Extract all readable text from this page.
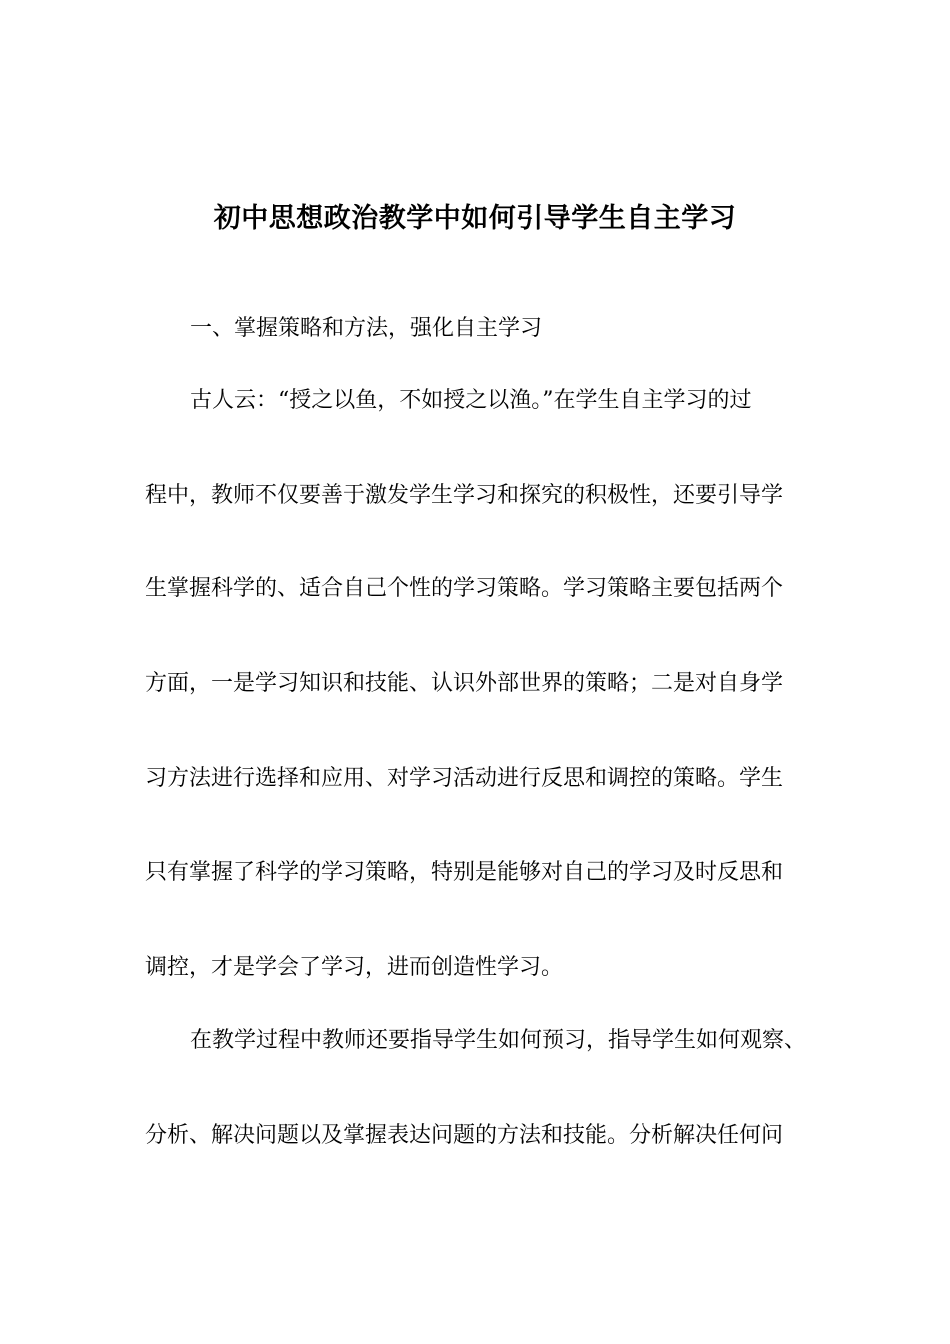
初中思想政治教学中如何引导学生自主学习
一、掌握策略和方法，强化自主学习
古人云：“授之以鱼，不如授之以渔。”在学生自主学习的过
程中，教师不仅要善于激发学生学习和探究的积极性，还要引导学
生掌握科学的、适合自己个性的学习策略。学习策略主要包括两个
方面，一是学习知识和技能、认识外部世界的策略；二是对自身学
习方法进行选择和应用、对学习活动进行反思和调控的策略。学生
只有掌握了科学的学习策略，特别是能够对自己的学习及时反思和
调控，才是学会了学习，进而创造性学习。
在教学过程中教师还要指导学生如何预习，指导学生如何观察、
分析、解决问题以及掌握表达问题的方法和技能。分析解决任何问
